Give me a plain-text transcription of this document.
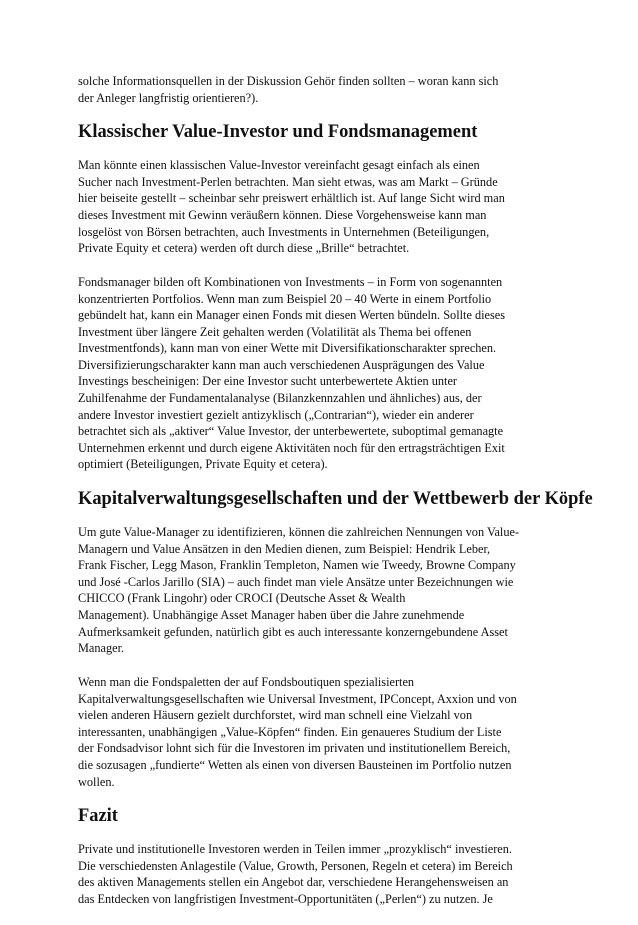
solche Informationsquellen in der Diskussion Gehör finden sollten – woran kann sich
der Anleger langfristig orientieren?).

Klassischer Value-Investor und Fondsmanagement

Man könnte einen klassischen Value-Investor vereinfacht gesagt einfach als einen
Sucher nach Investment-Perlen betrachten. Man sieht etwas, was am Markt – Gründe
hier beiseite gestellt – scheinbar sehr preiswert erhältlich ist. Auf lange Sicht wird man
dieses Investment mit Gewinn veräußern können. Diese Vorgehensweise kann man
losgelöst von Börsen betrachten, auch Investments in Unternehmen (Beteiligungen,
Private Equity et cetera) werden oft durch diese „Brille“ betrachtet.

Fondsmanager bilden oft Kombinationen von Investments – in Form von sogenannten
konzentrierten Portfolios. Wenn man zum Beispiel 20 – 40 Werte in einem Portfolio
gebündelt hat, kann ein Manager einen Fonds mit diesen Werten bündeln. Sollte dieses
Investment über längere Zeit gehalten werden (Volatilität als Thema bei offenen
Investmentfonds), kann man von einer Wette mit Diversifikationscharakter sprechen.
Diversifizierungscharakter kann man auch verschiedenen Ausprägungen des Value
Investings bescheinigen: Der eine Investor sucht unterbewertete Aktien unter
Zuhilfenahme der Fundamentalanalyse (Bilanzkennzahlen und ähnliches) aus, der
andere Investor investiert gezielt antizyklisch („Contrarian“), wieder ein anderer
betrachtet sich als „aktiver“ Value Investor, der unterbewertete, suboptimal gemanagte
Unternehmen erkennt und durch eigene Aktivitäten noch für den ertragsträchtigen Exit
optimiert (Beteiligungen, Private Equity et cetera).

Kapitalverwaltungsgesellschaften und der Wettbewerb der Köpfe

Um gute Value-Manager zu identifizieren, können die zahlreichen Nennungen von Value-
Managern und Value Ansätzen in den Medien dienen, zum Beispiel: Hendrik Leber,
Frank Fischer, Legg Mason, Franklin Templeton, Namen wie Tweedy, Browne Company
und José -Carlos Jarillo (SIA) – auch findet man viele Ansätze unter Bezeichnungen wie
CHICCO (Frank Lingohr) oder CROCI (Deutsche Asset & Wealth
Management). Unabhängige Asset Manager haben über die Jahre zunehmende
Aufmerksamkeit gefunden, natürlich gibt es auch interessante konzerngebundene Asset
Manager.

Wenn man die Fondspaletten der auf Fondsboutiquen spezialisierten
Kapitalverwaltungsgesellschaften wie Universal Investment, IPConcept, Axxion und von
vielen anderen Häusern gezielt durchforstet, wird man schnell eine Vielzahl von
interessanten, unabhängigen „Value-Köpfen“ finden. Ein genaueres Studium der Liste
der Fondsadvisor lohnt sich für die Investoren im privaten und institutionellem Bereich,
die sozusagen „fundierte“ Wetten als einen von diversen Bausteinen im Portfolio nutzen
wollen.

Fazit

Private und institutionelle Investoren werden in Teilen immer „prozyklisch“ investieren.
Die verschiedensten Anlagestile (Value, Growth, Personen, Regeln et cetera) im Bereich
des aktiven Managements stellen ein Angebot dar, verschiedene Herangehensweisen an
das Entdecken von langfristigen Investment-Opportunitäten („Perlen“) zu nutzen. Je
